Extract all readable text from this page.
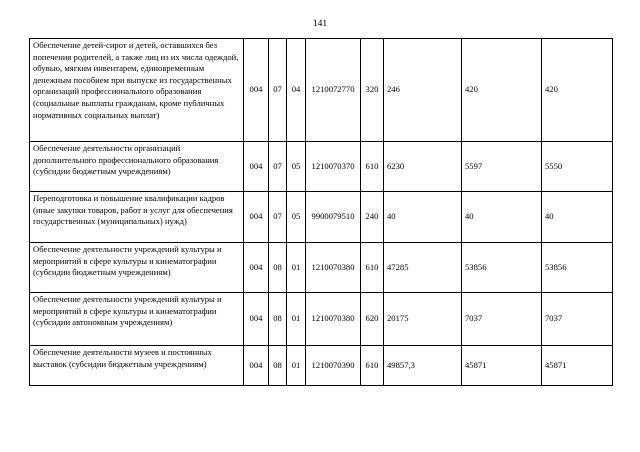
141
Обеспечение детей-сирот и детей, оставшихся без попечения родителей, а также лиц из их числа одеждой, обувью, мягким инвентарем, единовременным денежным пособием при выпуске из государственных организаций профессионального образования (социальные выплаты гражданам, кроме публичных нормативных социальных выплат)	004	07	04	1210072770	320	246	420	420
Обеспечение деятельности организаций дополнительного профессионального образования (субсидии бюджетным учреждениям)	004	07	05	1210070370	610	6230	5597	5550
Переподготовка и повышение квалификации кадров (иные закупки товаров, работ и услуг для обеспечения государственных (муниципальных) нужд)	004	07	05	9900079510	240	40	40	40
Обеспечение деятельности учреждений культуры и мероприятий в сфере культуры и кинематографии (субсидии бюджетным учреждениям)	004	08	01	1210070380	610	47285	53856	53856
Обеспечение деятельности учреждений культуры и мероприятий в сфере культуры и кинематографии (субсидии автономным учреждениям)	004	08	01	1210070380	620	20175	7037	7037
Обеспечение деятельности музеев и постоянных выставок (субсидии бюджетным учреждениям)	004	08	01	1210070390	610	49857,3	45871	45871
